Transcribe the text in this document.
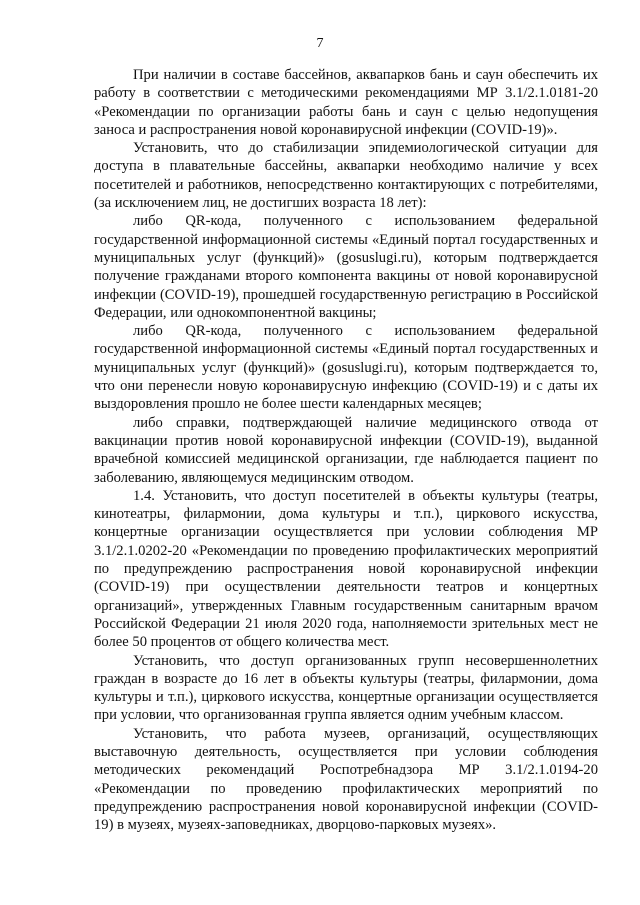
7

При наличии в составе бассейнов, аквапарков бань и саун обеспечить их работу в соответствии с методическими рекомендациями МР 3.1/2.1.0181-20 «Рекомендации по организации работы бань и саун с целью недопущения заноса и распространения новой коронавирусной инфекции (COVID-19)».

Установить, что до стабилизации эпидемиологической ситуации для доступа в плавательные бассейны, аквапарки необходимо наличие у всех посетителей и работников, непосредственно контактирующих с потребителями, (за исключением лиц, не достигших возраста 18 лет):

либо QR-кода, полученного с использованием федеральной государственной информационной системы «Единый портал государственных и муниципальных услуг (функций)» (gosuslugi.ru), которым подтверждается получение гражданами второго компонента вакцины от новой коронавирусной инфекции (COVID-19), прошедшей государственную регистрацию в Российской Федерации, или однокомпонентной вакцины;

либо QR-кода, полученного с использованием федеральной государственной информационной системы «Единый портал государственных и муниципальных услуг (функций)» (gosuslugi.ru), которым подтверждается то, что они перенесли новую коронавирусную инфекцию (COVID-19) и с даты их выздоровления прошло не более шести календарных месяцев;

либо справки, подтверждающей наличие медицинского отвода от вакцинации против новой коронавирусной инфекции (COVID-19), выданной врачебной комиссией медицинской организации, где наблюдается пациент по заболеванию, являющемуся медицинским отводом.

1.4. Установить, что доступ посетителей в объекты культуры (театры, кинотеатры, филармонии, дома культуры и т.п.), циркового искусства, концертные организации осуществляется при условии соблюдения МР 3.1/2.1.0202-20 «Рекомендации по проведению профилактических мероприятий по предупреждению распространения новой коронавирусной инфекции (COVID-19) при осуществлении деятельности театров и концертных организаций», утвержденных Главным государственным санитарным врачом Российской Федерации 21 июля 2020 года, наполняемости зрительных мест не более 50 процентов от общего количества мест.

Установить, что доступ организованных групп несовершеннолетних граждан в возрасте до 16 лет в объекты культуры (театры, филармонии, дома культуры и т.п.), циркового искусства, концертные организации осуществляется при условии, что организованная группа является одним учебным классом.

Установить, что работа музеев, организаций, осуществляющих выставочную деятельность, осуществляется при условии соблюдения методических рекомендаций Роспотребнадзора МР 3.1/2.1.0194-20 «Рекомендации по проведению профилактических мероприятий по предупреждению распространения новой коронавирусной инфекции (COVID-19) в музеях, музеях-заповедниках, дворцово-парковых музеях».
